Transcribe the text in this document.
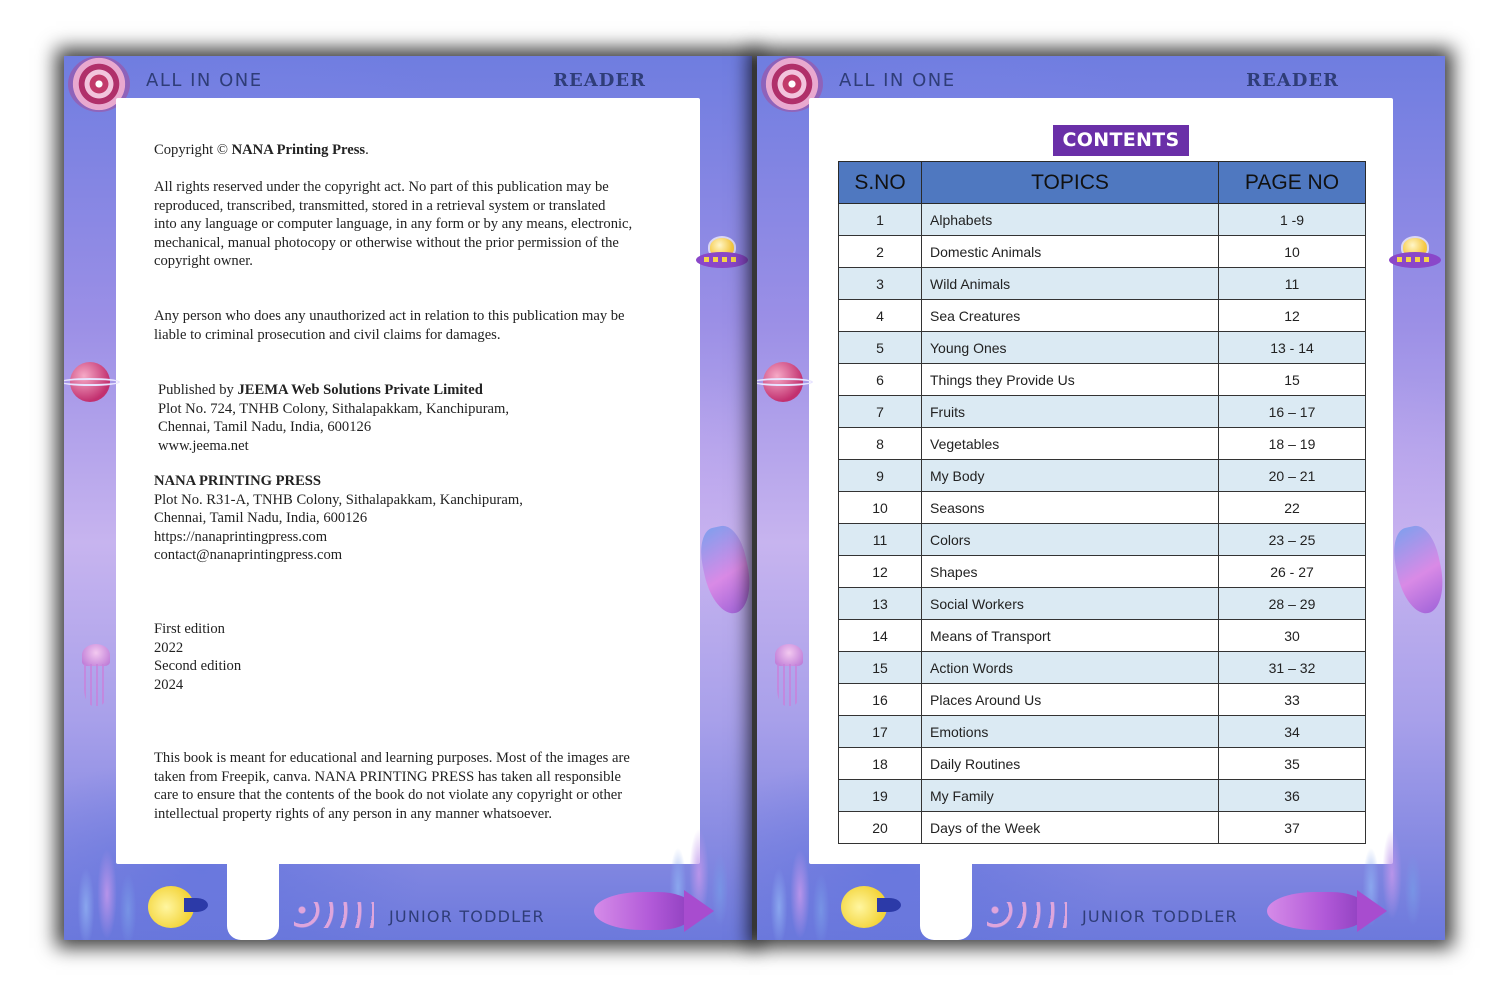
ALL IN ONE	READER
JUNIOR TODDLER
Copyright © NANA Printing Press.

All rights reserved under the copyright act. No part of this publication may be

reproduced, transcribed, transmitted, stored in a retrieval system or translated

into any language or computer language, in any form or by any means, electronic,

mechanical, manual photocopy or otherwise without the prior permission of the

copyright owner.

Any person who does any unauthorized act in relation to this publication may be

liable to criminal prosecution and civil claims for damages.

Published by JEEMA Web Solutions Private Limited

Plot No. 724, TNHB Colony, Sithalapakkam, Kanchipuram,

Chennai, Tamil Nadu, India, 600126

www.jeema.net

NANA PRINTING PRESS

Plot No. R31-A, TNHB Colony, Sithalapakkam, Kanchipuram,

Chennai, Tamil Nadu, India, 600126

https://nanaprintingpress.com

contact@nanaprintingpress.com

First edition

2022

Second edition

2024

This book is meant for educational and learning purposes. Most of the images are

taken from Freepik, canva. NANA PRINTING PRESS has taken all responsible

care to ensure that the contents of the book do not violate any copyright or other

intellectual property rights of any person in any manner whatsoever.

ALL IN ONE	READER
JUNIOR TODDLER
CONTENTS
S.NO	TOPICS	PAGE NO
1	Alphabets	1 -9
2	Domestic Animals	10
3	Wild Animals	11
4	Sea Creatures	12
5	Young Ones	13 - 14
6	Things they Provide Us	15
7	Fruits	16 – 17
8	Vegetables	18 – 19
9	My Body	20 – 21
10	Seasons	22
11	Colors	23 – 25
12	Shapes	26 - 27
13	Social Workers	28 – 29
14	Means of Transport	30
15	Action Words	31 – 32
16	Places Around Us	33
17	Emotions	34
18	Daily Routines	35
19	My Family	36
20	Days of the Week	37
